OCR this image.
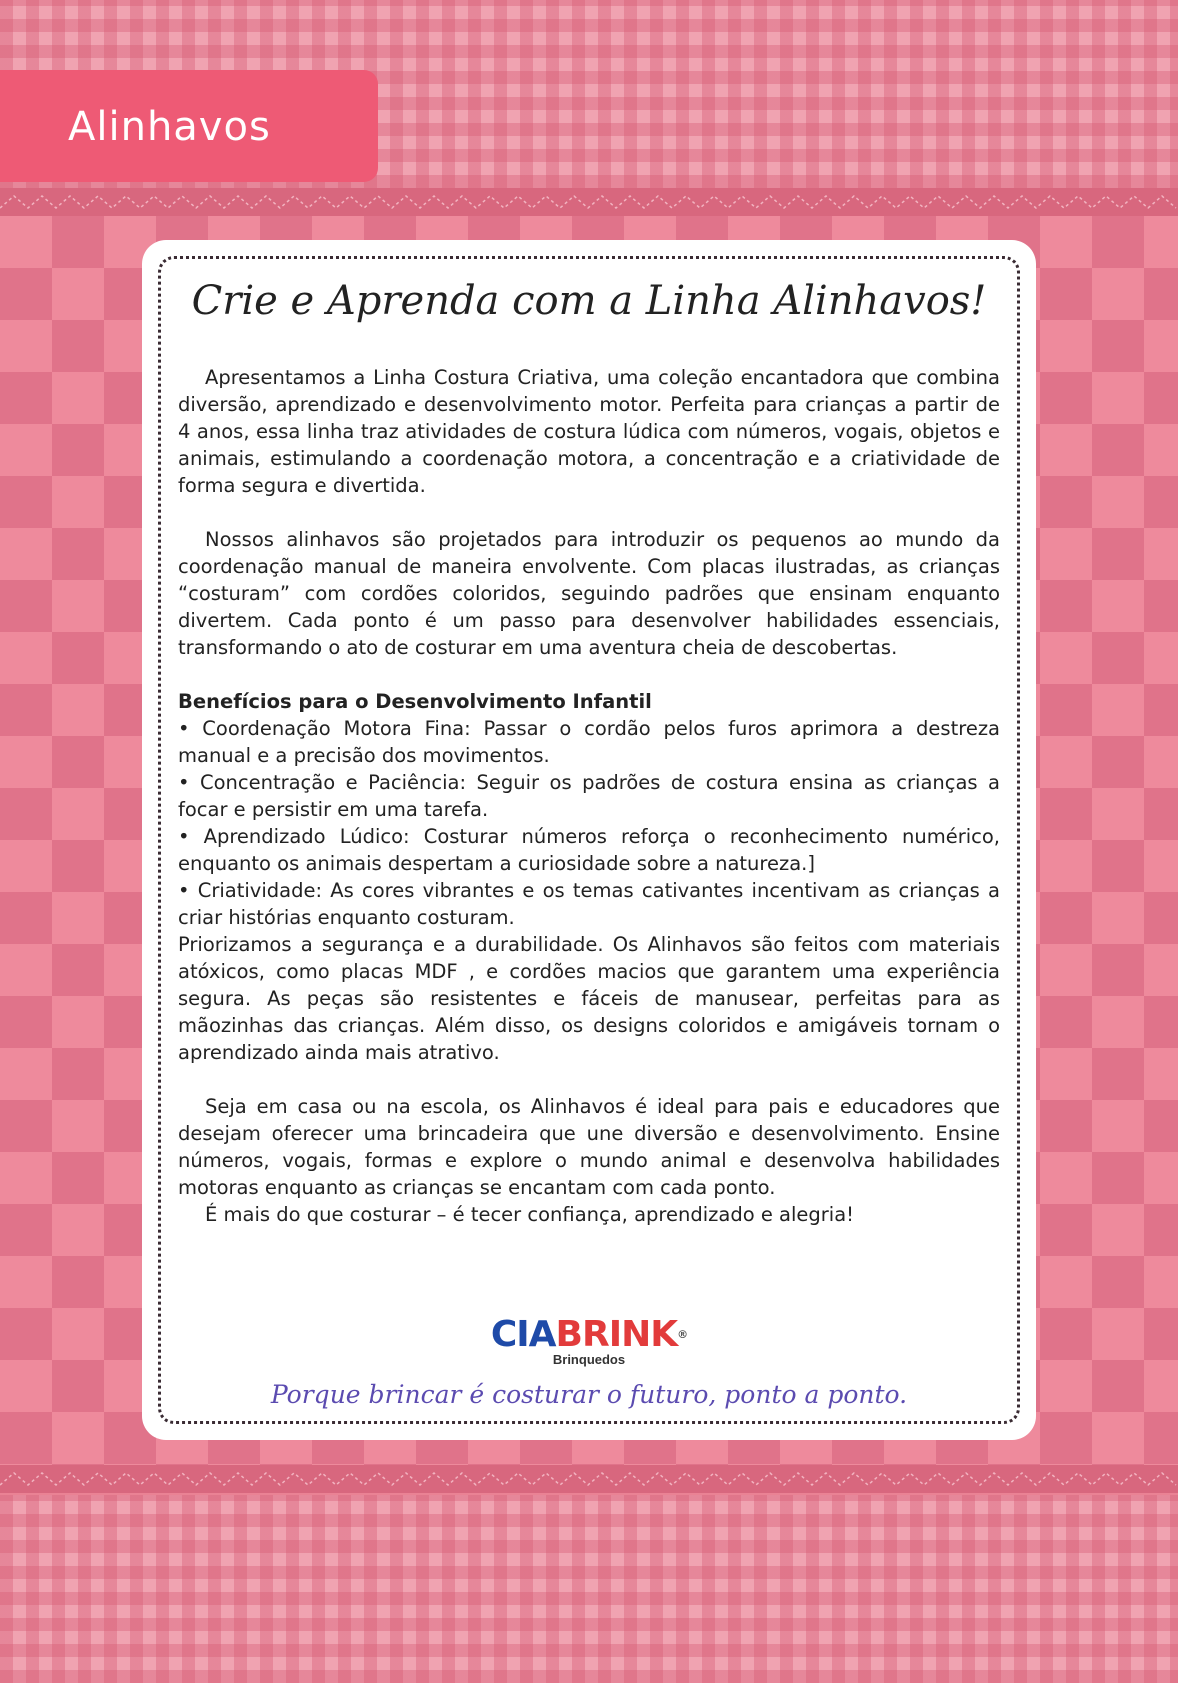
Alinhavos
Crie e Aprenda com a Linha Alinhavos!

Apresentamos a Linha Costura Criativa, uma coleção encantadora que combina diversão, aprendizado e desenvolvimento motor. Perfeita para crianças a partir de 4 anos, essa linha traz atividades de costura lúdica com números, vogais, objetos e animais, estimulando a coordenação motora, a concentração e a criatividade de forma segura e divertida.

Nossos alinhavos são projetados para introduzir os pequenos ao mundo da coordenação manual de maneira envolvente. Com placas ilustradas, as crianças “costuram” com cordões coloridos, seguindo padrões que ensinam enquanto divertem. Cada ponto é um passo para desenvolver habilidades essenciais, transformando o ato de costurar em uma aventura cheia de descobertas.

Benefícios para o Desenvolvimento Infantil

• Coordenação Motora Fina: Passar o cordão pelos furos aprimora a destreza manual e a precisão dos movimentos.

• Concentração e Paciência: Seguir os padrões de costura ensina as crianças a focar e persistir em uma tarefa.

• Aprendizado Lúdico: Costurar números reforça o reconhecimento numérico, enquanto os animais despertam a curiosidade sobre a natureza.]

• Criatividade: As cores vibrantes e os temas cativantes incentivam as crianças a criar histórias enquanto costuram.

Priorizamos a segurança e a durabilidade. Os Alinhavos são feitos com materiais atóxicos, como placas MDF , e cordões macios que garantem uma experiência segura. As peças são resistentes e fáceis de manusear, perfeitas para as mãozinhas das crianças. Além disso, os designs coloridos e amigáveis tornam o aprendizado ainda mais atrativo.

Seja em casa ou na escola, os Alinhavos é ideal para pais e educadores que desejam oferecer uma brincadeira que une diversão e desenvolvimento. Ensine números, vogais, formas e explore o mundo animal e desenvolva habilidades motoras enquanto as crianças se encantam com cada ponto.

É mais do que costurar – é tecer confiança, aprendizado e alegria!

CIABRINK®
Brinquedos
Porque brincar é costurar o futuro, ponto a ponto.
